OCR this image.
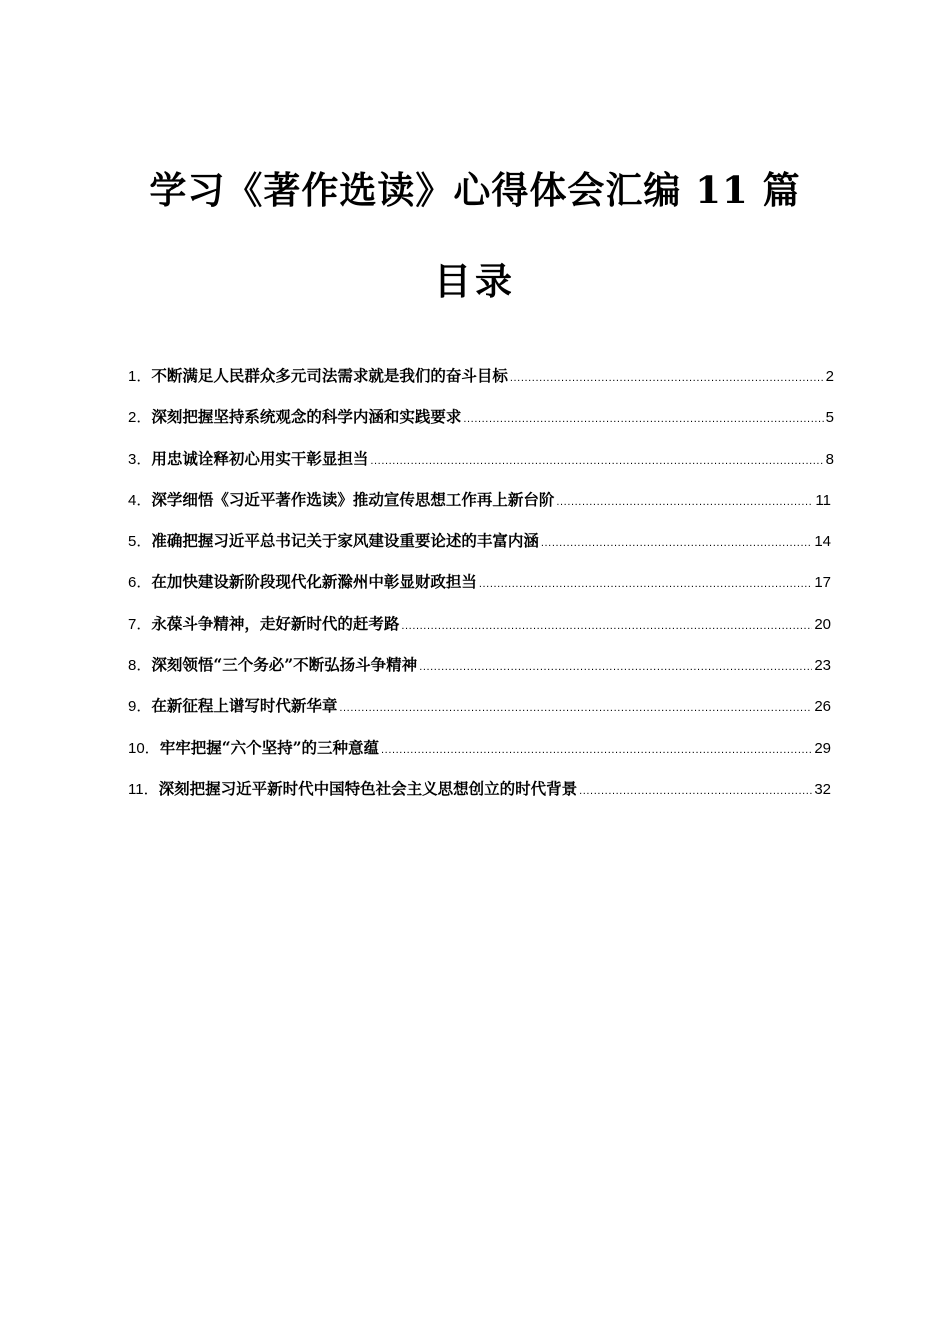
学习《著作选读》心得体会汇编 11 篇
目录
1． 不断满足人民群众多元司法需求就是我们的奋斗目标 .....	2
2． 深刻把握坚持系统观念的科学内涵和实践要求 .....	5
3． 用忠诚诠释初心用实干彰显担当 .....	8
4． 深学细悟《习近平著作选读》推动宣传思想工作再上新台阶 .....	11
5． 准确把握习近平总书记关于家风建设重要论述的丰富内涵 .....	14
6． 在加快建设新阶段现代化新滁州中彰显财政担当 .....	17
7． 永葆斗争精神，走好新时代的赶考路 .....	20
8． 深刻领悟“三个务必”不断弘扬斗争精神 .....	23
9． 在新征程上谱写时代新华章 .....	26
10． 牢牢把握“六个坚持”的三种意蕴 .....	29
11． 深刻把握习近平新时代中国特色社会主义思想创立的时代背景 .....	32
